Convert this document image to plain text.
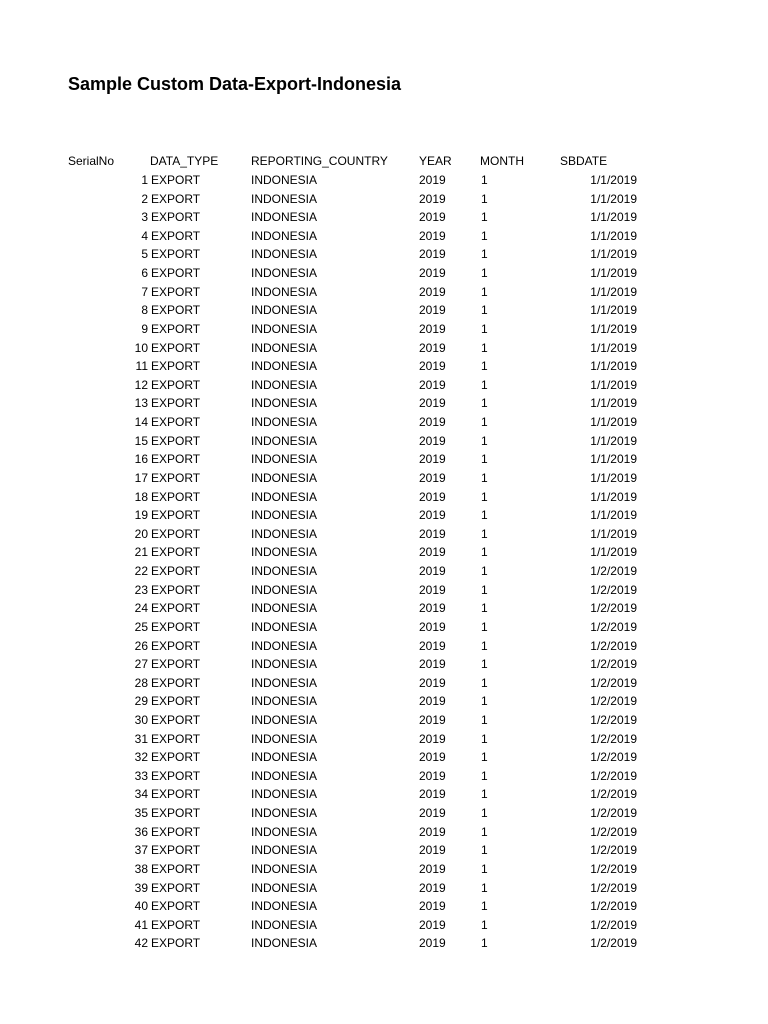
Sample Custom Data-Export-Indonesia
SerialNo	DATA_TYPE	REPORTING_COUNTRY	YEAR MONTH	SBDATE
1 EXPORT	INDONESIA	2019	1	1/1/2019
2 EXPORT	INDONESIA	2019	1	1/1/2019
3 EXPORT	INDONESIA	2019	1	1/1/2019
4 EXPORT	INDONESIA	2019	1	1/1/2019
5 EXPORT	INDONESIA	2019	1	1/1/2019
6 EXPORT	INDONESIA	2019	1	1/1/2019
7 EXPORT	INDONESIA	2019	1	1/1/2019
8 EXPORT	INDONESIA	2019	1	1/1/2019
9 EXPORT	INDONESIA	2019	1	1/1/2019
10 EXPORT	INDONESIA	2019	1	1/1/2019
11 EXPORT	INDONESIA	2019	1	1/1/2019
12 EXPORT	INDONESIA	2019	1	1/1/2019
13 EXPORT	INDONESIA	2019	1	1/1/2019
14 EXPORT	INDONESIA	2019	1	1/1/2019
15 EXPORT	INDONESIA	2019	1	1/1/2019
16 EXPORT	INDONESIA	2019	1	1/1/2019
17 EXPORT	INDONESIA	2019	1	1/1/2019
18 EXPORT	INDONESIA	2019	1	1/1/2019
19 EXPORT	INDONESIA	2019	1	1/1/2019
20 EXPORT	INDONESIA	2019	1	1/1/2019
21 EXPORT	INDONESIA	2019	1	1/1/2019
22 EXPORT	INDONESIA	2019	1	1/2/2019
23 EXPORT	INDONESIA	2019	1	1/2/2019
24 EXPORT	INDONESIA	2019	1	1/2/2019
25 EXPORT	INDONESIA	2019	1	1/2/2019
26 EXPORT	INDONESIA	2019	1	1/2/2019
27 EXPORT	INDONESIA	2019	1	1/2/2019
28 EXPORT	INDONESIA	2019	1	1/2/2019
29 EXPORT	INDONESIA	2019	1	1/2/2019
30 EXPORT	INDONESIA	2019	1	1/2/2019
31 EXPORT	INDONESIA	2019	1	1/2/2019
32 EXPORT	INDONESIA	2019	1	1/2/2019
33 EXPORT	INDONESIA	2019	1	1/2/2019
34 EXPORT	INDONESIA	2019	1	1/2/2019
35 EXPORT	INDONESIA	2019	1	1/2/2019
36 EXPORT	INDONESIA	2019	1	1/2/2019
37 EXPORT	INDONESIA	2019	1	1/2/2019
38 EXPORT	INDONESIA	2019	1	1/2/2019
39 EXPORT	INDONESIA	2019	1	1/2/2019
40 EXPORT	INDONESIA	2019	1	1/2/2019
41 EXPORT	INDONESIA	2019	1	1/2/2019
42 EXPORT	INDONESIA	2019	1	1/2/2019
